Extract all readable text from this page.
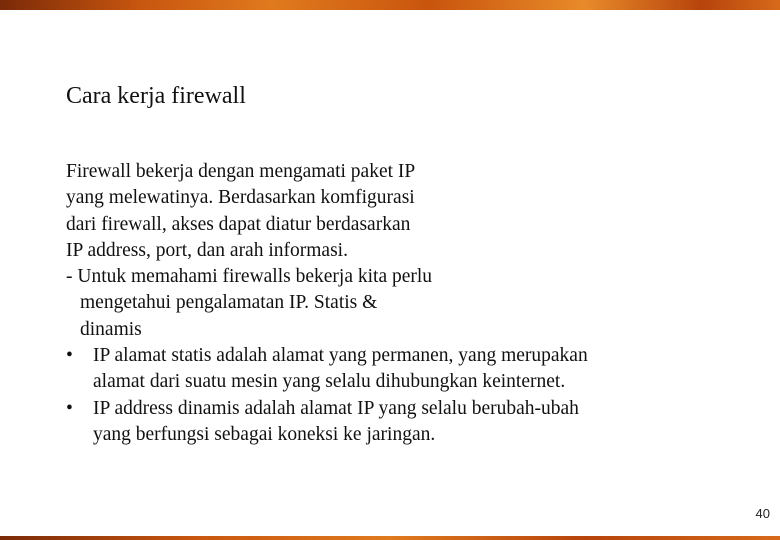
Cara kerja firewall
Firewall bekerja dengan mengamati paket IP
yang melewatinya. Berdasarkan komfigurasi
dari firewall, akses dapat diatur berdasarkan
IP address, port, dan arah informasi.
- Untuk memahami firewalls bekerja kita perlu
mengetahui pengalamatan IP. Statis &
dinamis
• IP alamat statis adalah alamat yang permanen, yang merupakan
alamat dari suatu mesin yang selalu dihubungkan keinternet.
• IP address dinamis adalah alamat IP yang selalu berubah-ubah
yang berfungsi sebagai koneksi ke jaringan.
40
